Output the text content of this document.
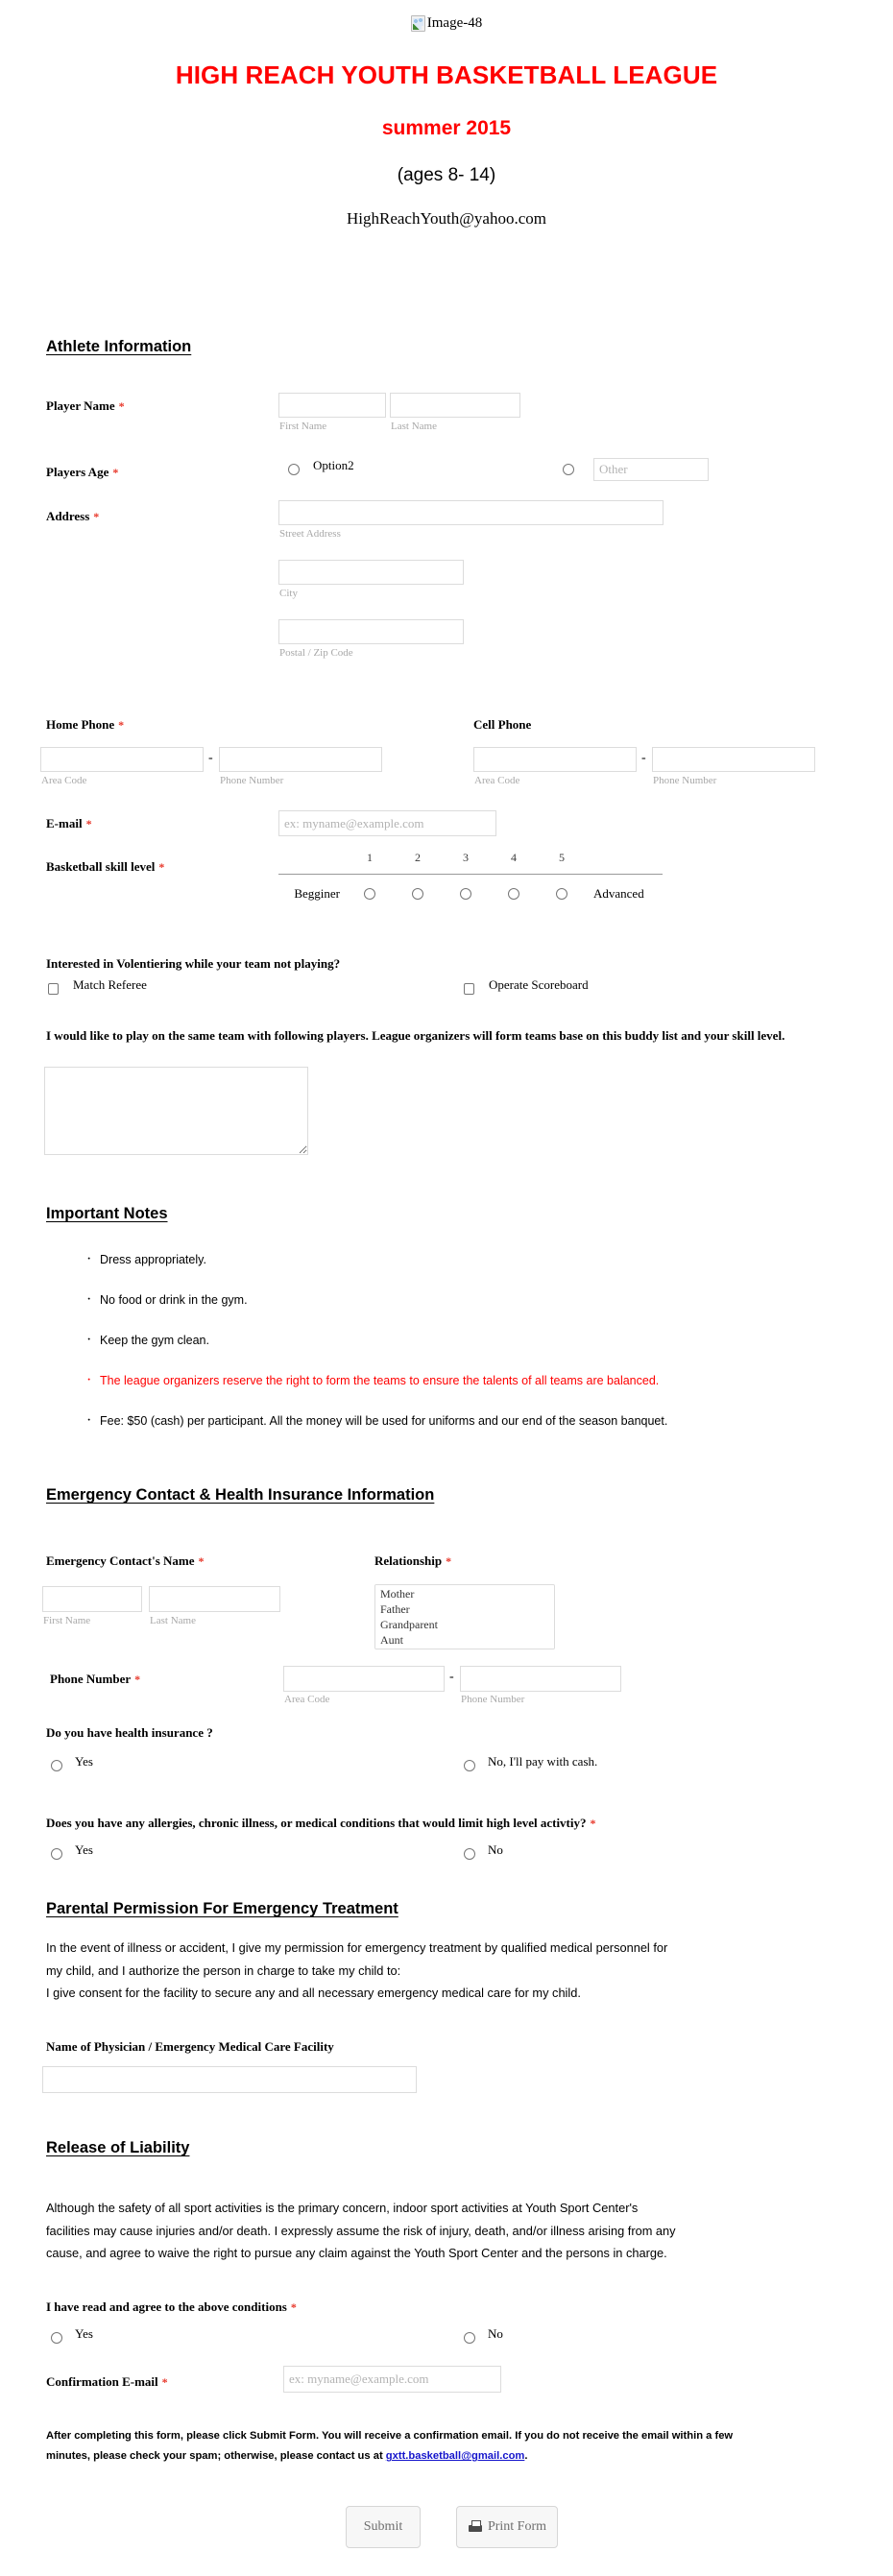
Image-48
HIGH REACH YOUTH BASKETBALL LEAGUE
summer 2015
(ages 8- 14)
HighReachYouth@yahoo.com
Athlete Information
Player Name *
First Name	Last Name
Players Age *	Option2
Other
Address *
Street Address
City
Postal / Zip Code
Home Phone *
-
Area Code	Phone Number
Cell Phone
-
Area Code	Phone Number
E-mail *
ex: myname@example.com
Basketball skill level *
1	2	3	4	5
Begginer	Advanced
Interested in Volentiering while your team not playing?
Match Referee	Operate Scoreboard
I would like to play on the same team with following players. League organizers will form teams base on this buddy list and your skill level.
Important Notes
· Dress appropriately.
· No food or drink in the gym.
· Keep the gym clean.
· The league organizers reserve the right to form the teams to ensure the talents of all teams are balanced.
· Fee: $50 (cash) per participant. All the money will be used for uniforms and our end of the season banquet.
Emergency Contact & Health Insurance Information
Emergency Contact's Name *
First Name	Last Name
Relationship *
Phone Number *	-
Area Code	Phone Number
Do you have health insurance ?
Yes	No, I'll pay with cash.
Does you have any allergies, chronic illness, or medical conditions that would limit high level activtiy? *
Yes	No
Parental Permission For Emergency Treatment
In the event of illness or accident, I give my permission for emergency treatment by qualified medical personnel for
my child, and I authorize the person in charge to take my child to:
I give consent for the facility to secure any and all necessary emergency medical care for my child.
Name of Physician / Emergency Medical Care Facility
Release of Liability
Although the safety of all sport activities is the primary concern, indoor sport activities at Youth Sport Center's
facilities may cause injuries and/or death. I expressly assume the risk of injury, death, and/or illness arising from any
cause, and agree to waive the right to pursue any claim against the Youth Sport Center and the persons in charge.
I have read and agree to the above conditions *
Yes	No
Confirmation E-mail *
ex: myname@example.com
After completing this form, please click Submit Form. You will receive a confirmation email. If you do not receive the email within a few
minutes, please check your spam; otherwise, please contact us at gxtt.basketball@gmail.com.
Submit	Print Form
